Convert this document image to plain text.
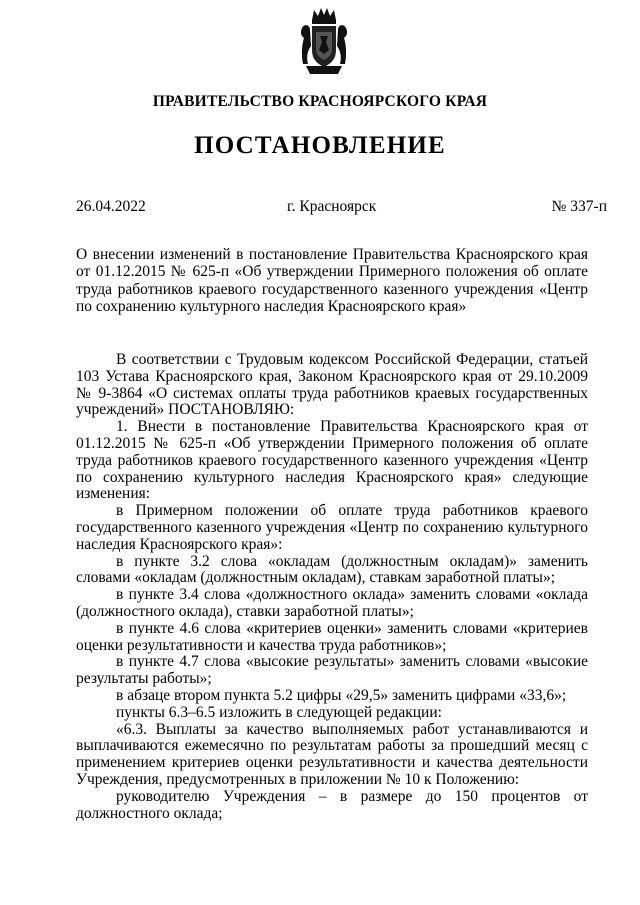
ПРАВИТЕЛЬСТВО КРАСНОЯРСКОГО КРАЯ
ПОСТАНОВЛЕНИЕ
26.04.2022	г. Красноярск	№ 337-п
О внесении изменений в постановление Правительства Красноярского края от 01.12.2015 № 625-п «Об утверждении Примерного положения об оплате труда работников краевого государственного казенного учреждения «Центр по сохранению культурного наследия Красноярского края»

В соответствии с Трудовым кодексом Российской Федерации, статьей 103 Устава Красноярского края, Законом Красноярского края от 29.10.2009 № 9-3864 «О системах оплаты труда работников краевых государственных учреждений» ПОСТАНОВЛЯЮ:

1. Внести в постановление Правительства Красноярского края от 01.12.2015 № 625-п «Об утверждении Примерного положения об оплате труда работников краевого государственного казенного учреждения «Центр по сохранению культурного наследия Красноярского края» следующие изменения:

в Примерном положении об оплате труда работников краевого государственного казенного учреждения «Центр по сохранению культурного наследия Красноярского края»:

в пункте 3.2 слова «окладам (должностным окладам)» заменить словами «окладам (должностным окладам), ставкам заработной платы»;

в пункте 3.4 слова «должностного оклада» заменить словами «оклада (должностного оклада), ставки заработной платы»;

в пункте 4.6 слова «критериев оценки» заменить словами «критериев оценки результативности и качества труда работников»;

в пункте 4.7 слова «высокие результаты» заменить словами «высокие результаты работы»;

в абзаце втором пункта 5.2 цифры «29,5» заменить цифрами «33,6»;

пункты 6.3–6.5 изложить в следующей редакции:

«6.3. Выплаты за качество выполняемых работ устанавливаются и выплачиваются ежемесячно по результатам работы за прошедший месяц с применением критериев оценки результативности и качества деятельности Учреждения, предусмотренных в приложении № 10 к Положению:

руководителю Учреждения – в размере до 150 процентов от должностного оклада;
